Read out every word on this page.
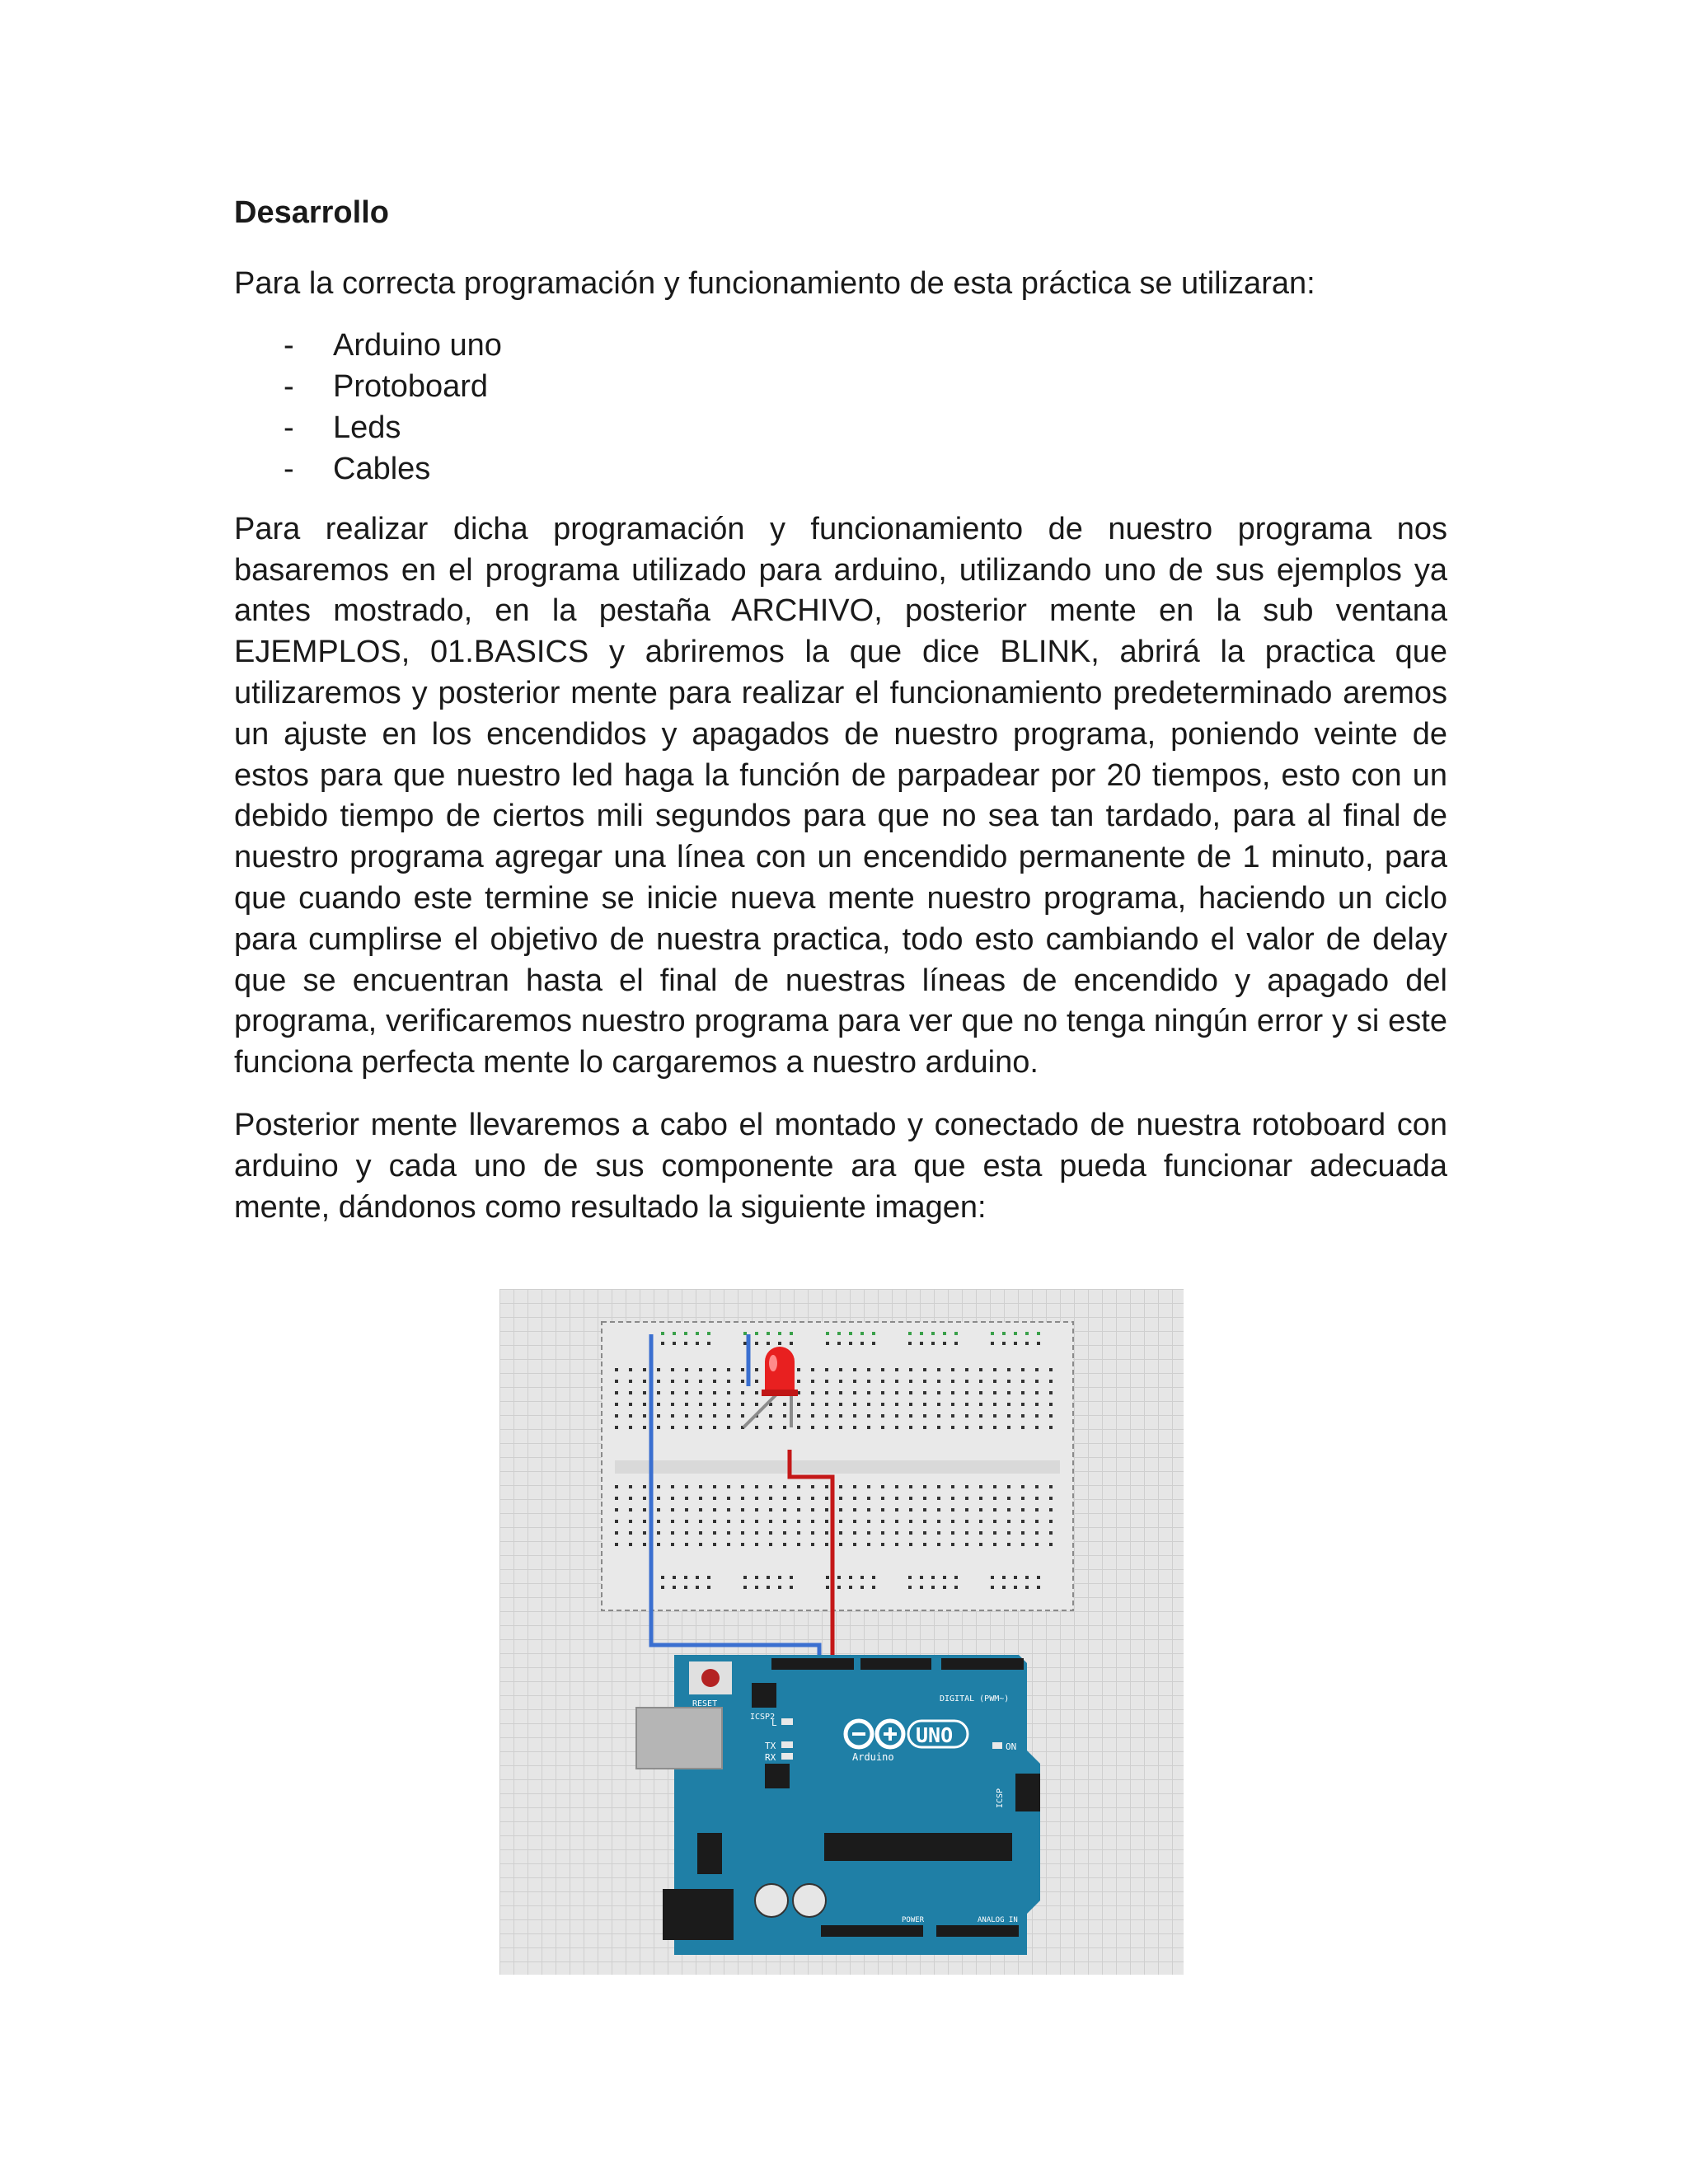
Desarrollo

Para la correcta programación y funcionamiento de esta práctica se utilizaran:

- Arduino uno
- Protoboard
- Leds
- Cables

Para realizar dicha programación y funcionamiento de nuestro programa nos basaremos en el programa utilizado para arduino, utilizando uno de sus ejemplos ya antes mostrado, en la pestaña ARCHIVO, posterior mente en la sub ventana EJEMPLOS, 01.BASICS y abriremos la que dice BLINK, abrirá la practica que utilizaremos y posterior mente para realizar el funcionamiento predeterminado aremos un ajuste en los encendidos y apagados de nuestro programa, poniendo veinte de estos para que nuestro led haga la función de parpadear por 20 tiempos, esto con un debido tiempo de ciertos mili segundos para que no sea tan tardado, para al final de nuestro programa agregar una línea con un encendido permanente de 1 minuto, para que cuando este termine se inicie nueva mente nuestro programa, haciendo un ciclo para cumplirse el objetivo de nuestra practica, todo esto cambiando el valor de delay que se encuentran hasta el final de nuestras líneas de encendido y apagado del programa, verificaremos nuestro programa para ver que no tenga ningún error y si este funciona perfecta mente lo cargaremos a nuestro arduino.

Posterior mente llevaremos a cabo el montado y conectado de nuestra rotoboard con arduino y cada uno de sus componente ara que esta pueda funcionar adecuada mente, dándonos como resultado la siguiente imagen:

RESET
ICSP2
DIGITAL (PWM~)
L
TX
RX
UNO
Arduino
ON
ICSP
POWER	ANALOG IN
